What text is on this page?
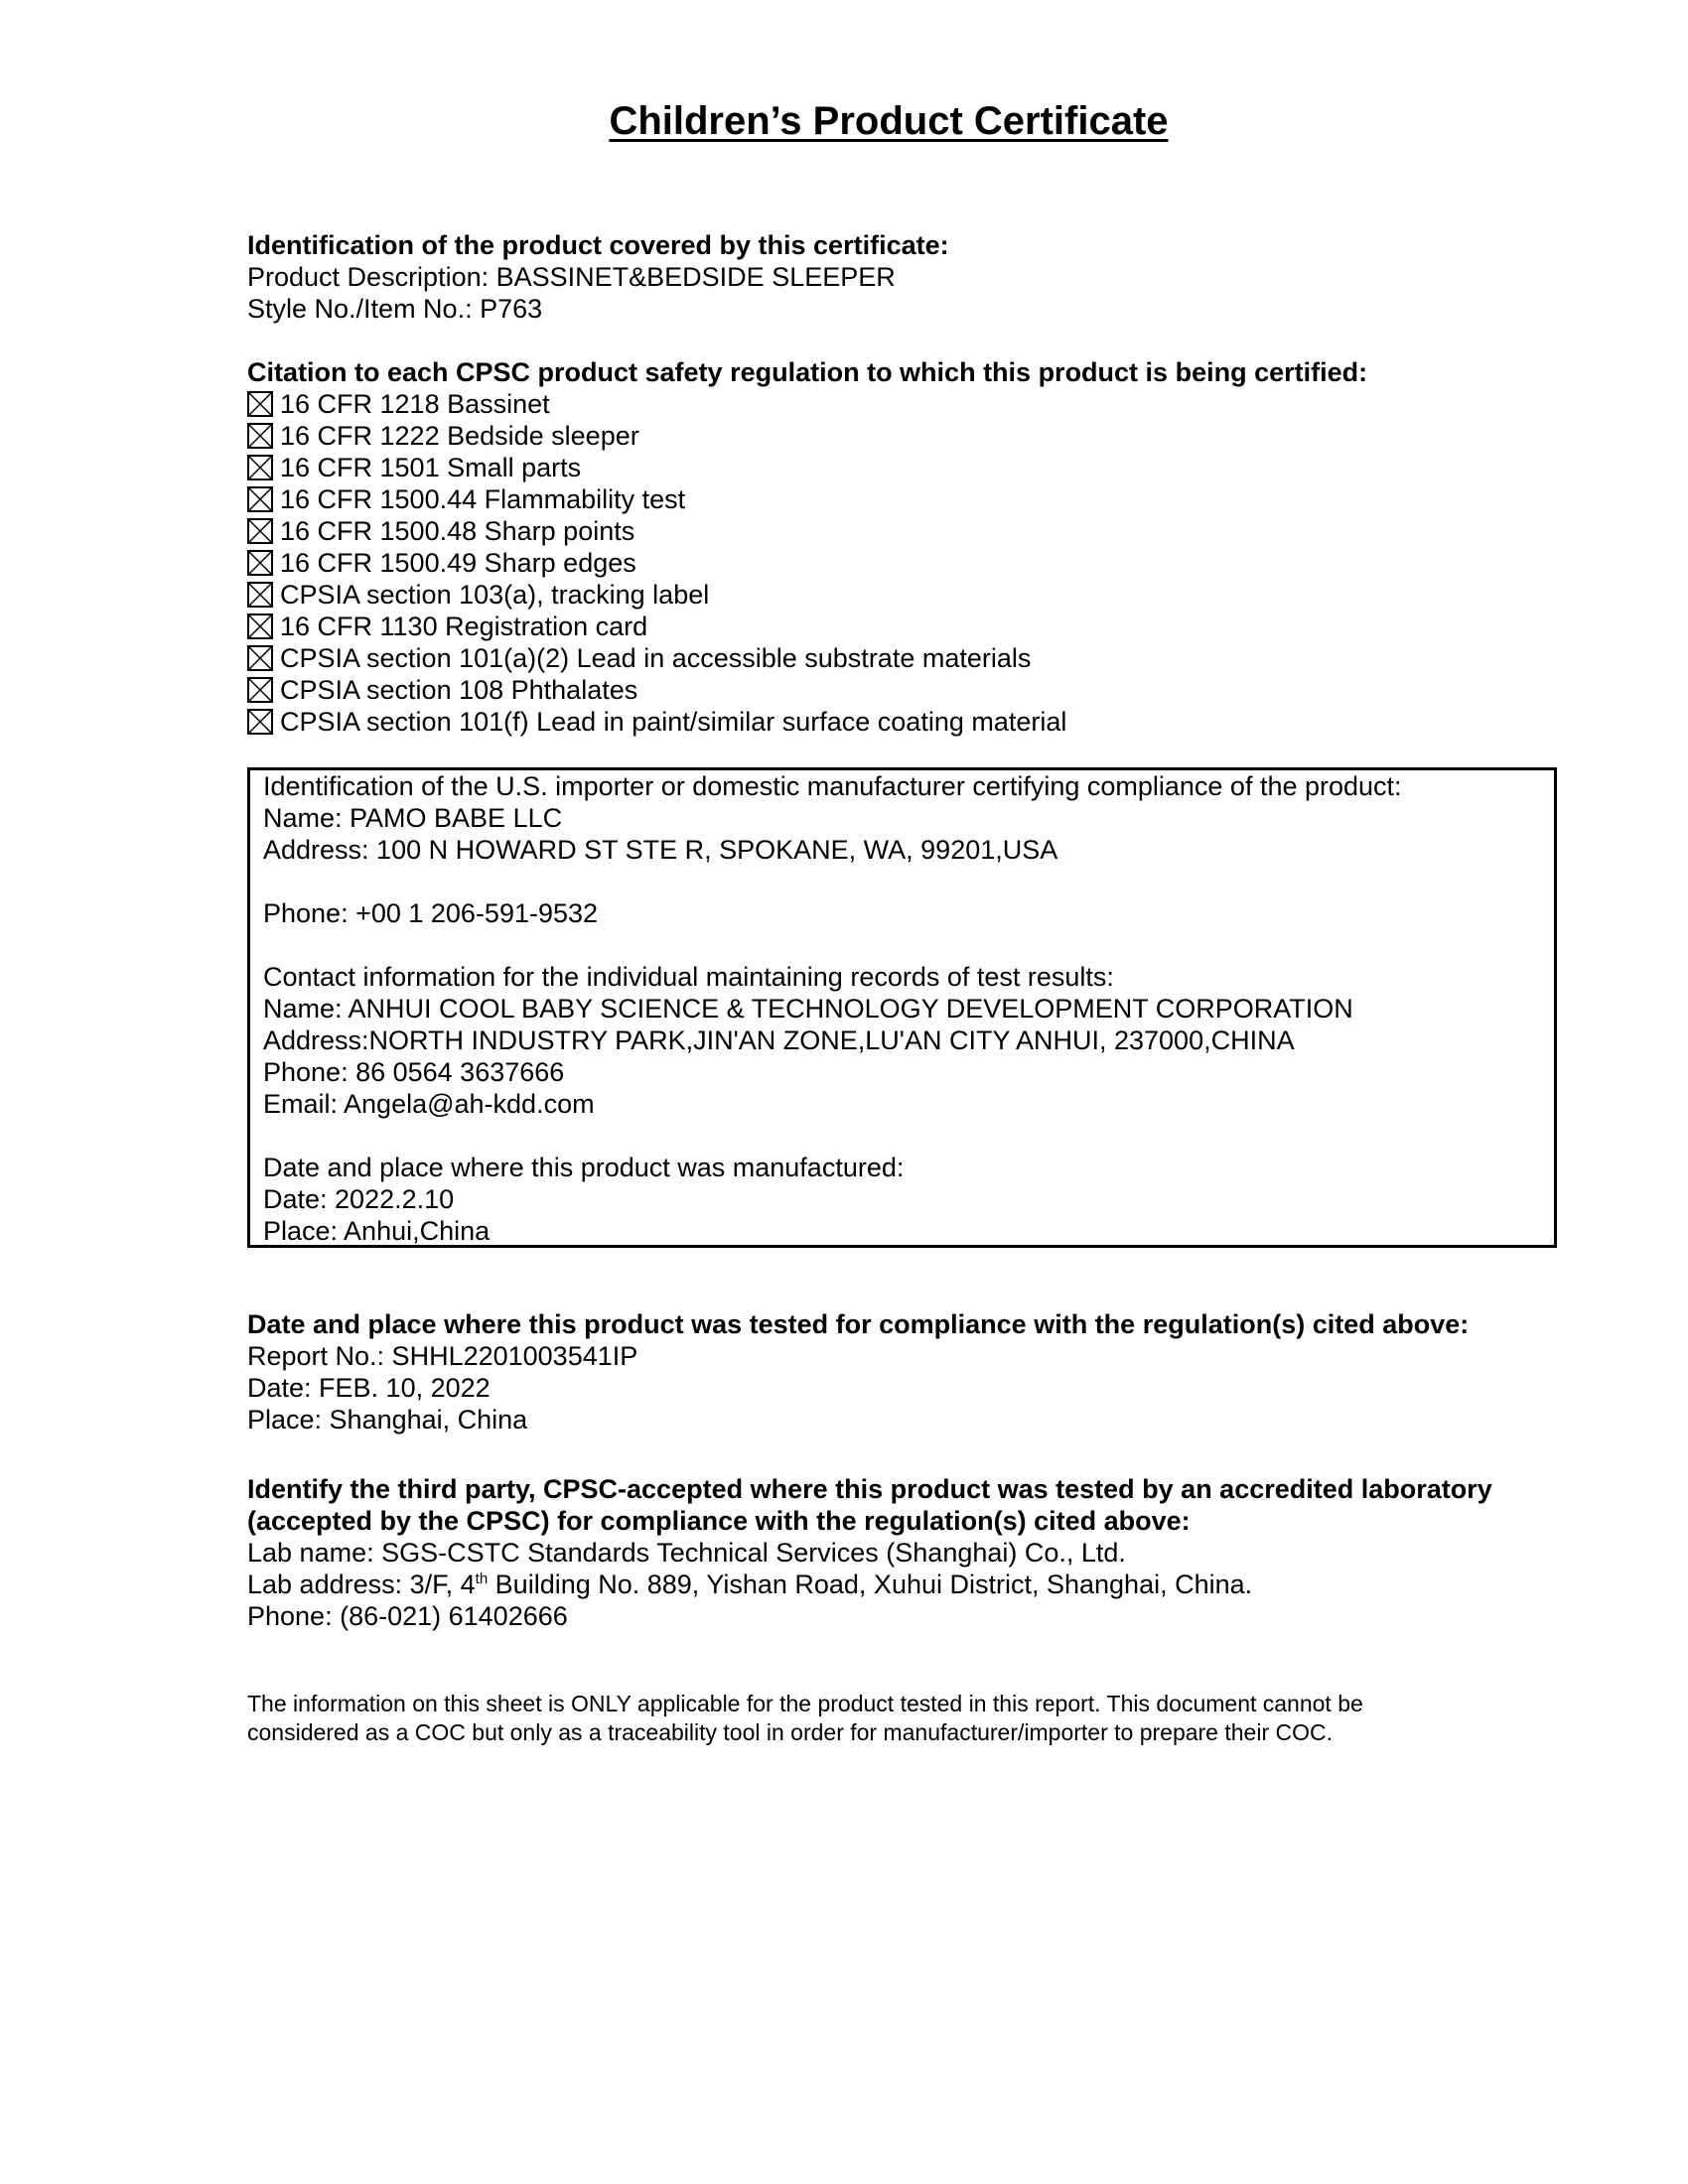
Children’s Product Certificate
Identification of the product covered by this certificate:
Product Description: BASSINET&BEDSIDE SLEEPER
Style No./Item No.: P763
Citation to each CPSC product safety regulation to which this product is being certified:
16 CFR 1218 Bassinet
16 CFR 1222 Bedside sleeper
16 CFR 1501 Small parts
16 CFR 1500.44 Flammability test
16 CFR 1500.48 Sharp points
16 CFR 1500.49 Sharp edges
CPSIA section 103(a), tracking label
16 CFR 1130 Registration card
CPSIA section 101(a)(2) Lead in accessible substrate materials
CPSIA section 108 Phthalates
CPSIA section 101(f) Lead in paint/similar surface coating material
Identification of the U.S. importer or domestic manufacturer certifying compliance of the product:
Name: PAMO BABE LLC
Address: 100 N HOWARD ST STE R, SPOKANE, WA, 99201,USA
Phone: +00 1 206-591-9532
Contact information for the individual maintaining records of test results:
Name: ANHUI COOL BABY SCIENCE & TECHNOLOGY DEVELOPMENT CORPORATION
Address:NORTH INDUSTRY PARK,JIN'AN ZONE,LU'AN CITY ANHUI, 237000,CHINA
Phone: 86 0564 3637666
Email: Angela@ah-kdd.com
Date and place where this product was manufactured:
Date: 2022.2.10
Place: Anhui,China
Date and place where this product was tested for compliance with the regulation(s) cited above:
Report No.: SHHL2201003541IP
Date: FEB. 10, 2022
Place: Shanghai, China
Identify the third party, CPSC-accepted where this product was tested by an accredited laboratory
(accepted by the CPSC) for compliance with the regulation(s) cited above:
Lab name: SGS-CSTC Standards Technical Services (Shanghai) Co., Ltd.
Lab address: 3/F, 4th Building No. 889, Yishan Road, Xuhui District, Shanghai, China.
Phone: (86-021) 61402666
The information on this sheet is ONLY applicable for the product tested in this report. This document cannot be
considered as a COC but only as a traceability tool in order for manufacturer/importer to prepare their COC.
